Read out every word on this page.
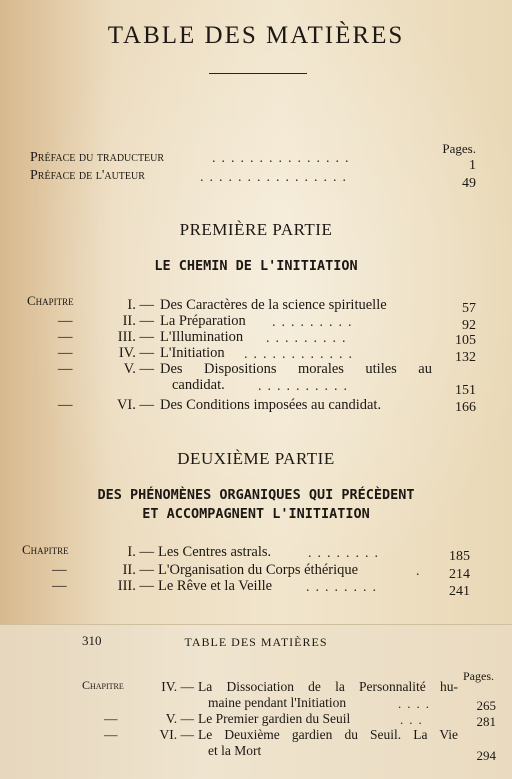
TABLE DES MATIÈRES
Pages.
Préface du traducteur	...............	1
Préface de l'auteur	................	49
PREMIÈRE PARTIE
LE CHEMIN DE L'INITIATION
Chapitre	I. — Des Caractères de la science spirituelle	57
—	II. — La Préparation .........	92
—	III. — L'Illumination .........	105
—	IV. — L'Initiation ............	132
—	V. — Des Dispositions morales utiles au
candidat. ..........	151
—	VI. — Des Conditions imposées au candidat.	166
DEUXIÈME PARTIE
DES PHÉNOMÈNES ORGANIQUES QUI PRÉCÈDENT
ET ACCOMPAGNENT L'INITIATION
Chapitre	I. — Les Centres astrals.	........	185
—	II. — L'Organisation du Corps éthérique	.	214
—	III. — Le Rêve et la Veille ........	241
310	TABLE DES MATIÈRES
Pages.
Chapitre	IV. — La Dissociation de la Personnalité hu-
maine pendant l'Initiation	....	265
—	V. — Le Premier gardien du Seuil	...	281
—	VI. — Le Deuxième gardien du Seuil. La Vie
et la Mort	294
